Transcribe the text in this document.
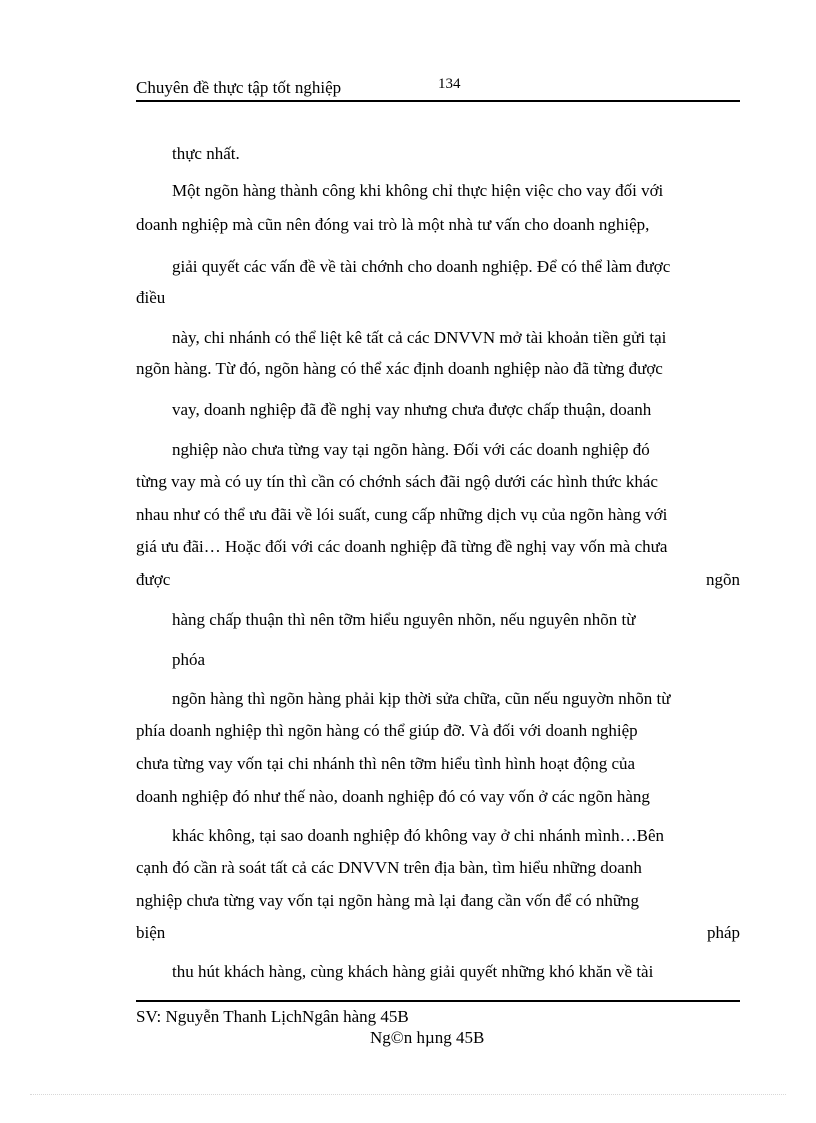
Chuyên đề thực tập tốt nghiệp	134
thực nhất.
Một ngõn hàng thành công khi không chỉ thực hiện việc cho vay đối với
doanh nghiệp mà cũn nên đóng vai trò là một nhà tư vấn cho doanh nghiệp,
giải quyết các vấn đề về tài chớnh cho doanh nghiệp. Để có thể làm được
điều
này, chi nhánh có thể liệt kê tất cả các DNVVN mở tài khoản tiền gửi tại
ngõn hàng. Từ đó, ngõn hàng có thể xác định doanh nghiệp nào đã từng được
vay, doanh nghiệp đã đề nghị vay nhưng chưa được chấp thuận, doanh
nghiệp nào chưa từng vay tại ngõn hàng. Đối với các doanh nghiệp đó
từng vay mà có uy tín thì cần có chớnh sách đãi ngộ dưới các hình thức khác
nhau như có thể ưu đãi về lói suất, cung cấp những dịch vụ của ngõn hàng với
giá ưu đãi… Hoặc đối với các doanh nghiệp đã từng đề nghị vay vốn mà chưa
được	ngõn
hàng chấp thuận thì nên tỡm hiểu nguyên nhõn, nếu nguyên nhõn từ
phóa
ngõn hàng thì ngõn hàng phải kịp thời sửa chữa, cũn nếu nguyờn nhõn từ
phía doanh nghiệp thì ngõn hàng có thể giúp đỡ. Và đối với doanh nghiệp
chưa từng vay vốn tại chi nhánh thì nên tỡm hiểu tình hình hoạt động của
doanh nghiệp đó như thế nào, doanh nghiệp đó có vay vốn ở các ngõn hàng
khác không, tại sao doanh nghiệp đó không vay ở chi nhánh mình…Bên
cạnh đó cần rà soát tất cả các DNVVN trên địa bàn, tìm hiểu những doanh
nghiệp chưa từng vay vốn tại ngõn hàng mà lại đang cần vốn để có những
biện	pháp
thu hút khách hàng, cùng khách hàng giải quyết những khó khăn về tài
SV: Nguyễn Thanh LịchNgân hàng 45B
Ng©n hµng 45B
